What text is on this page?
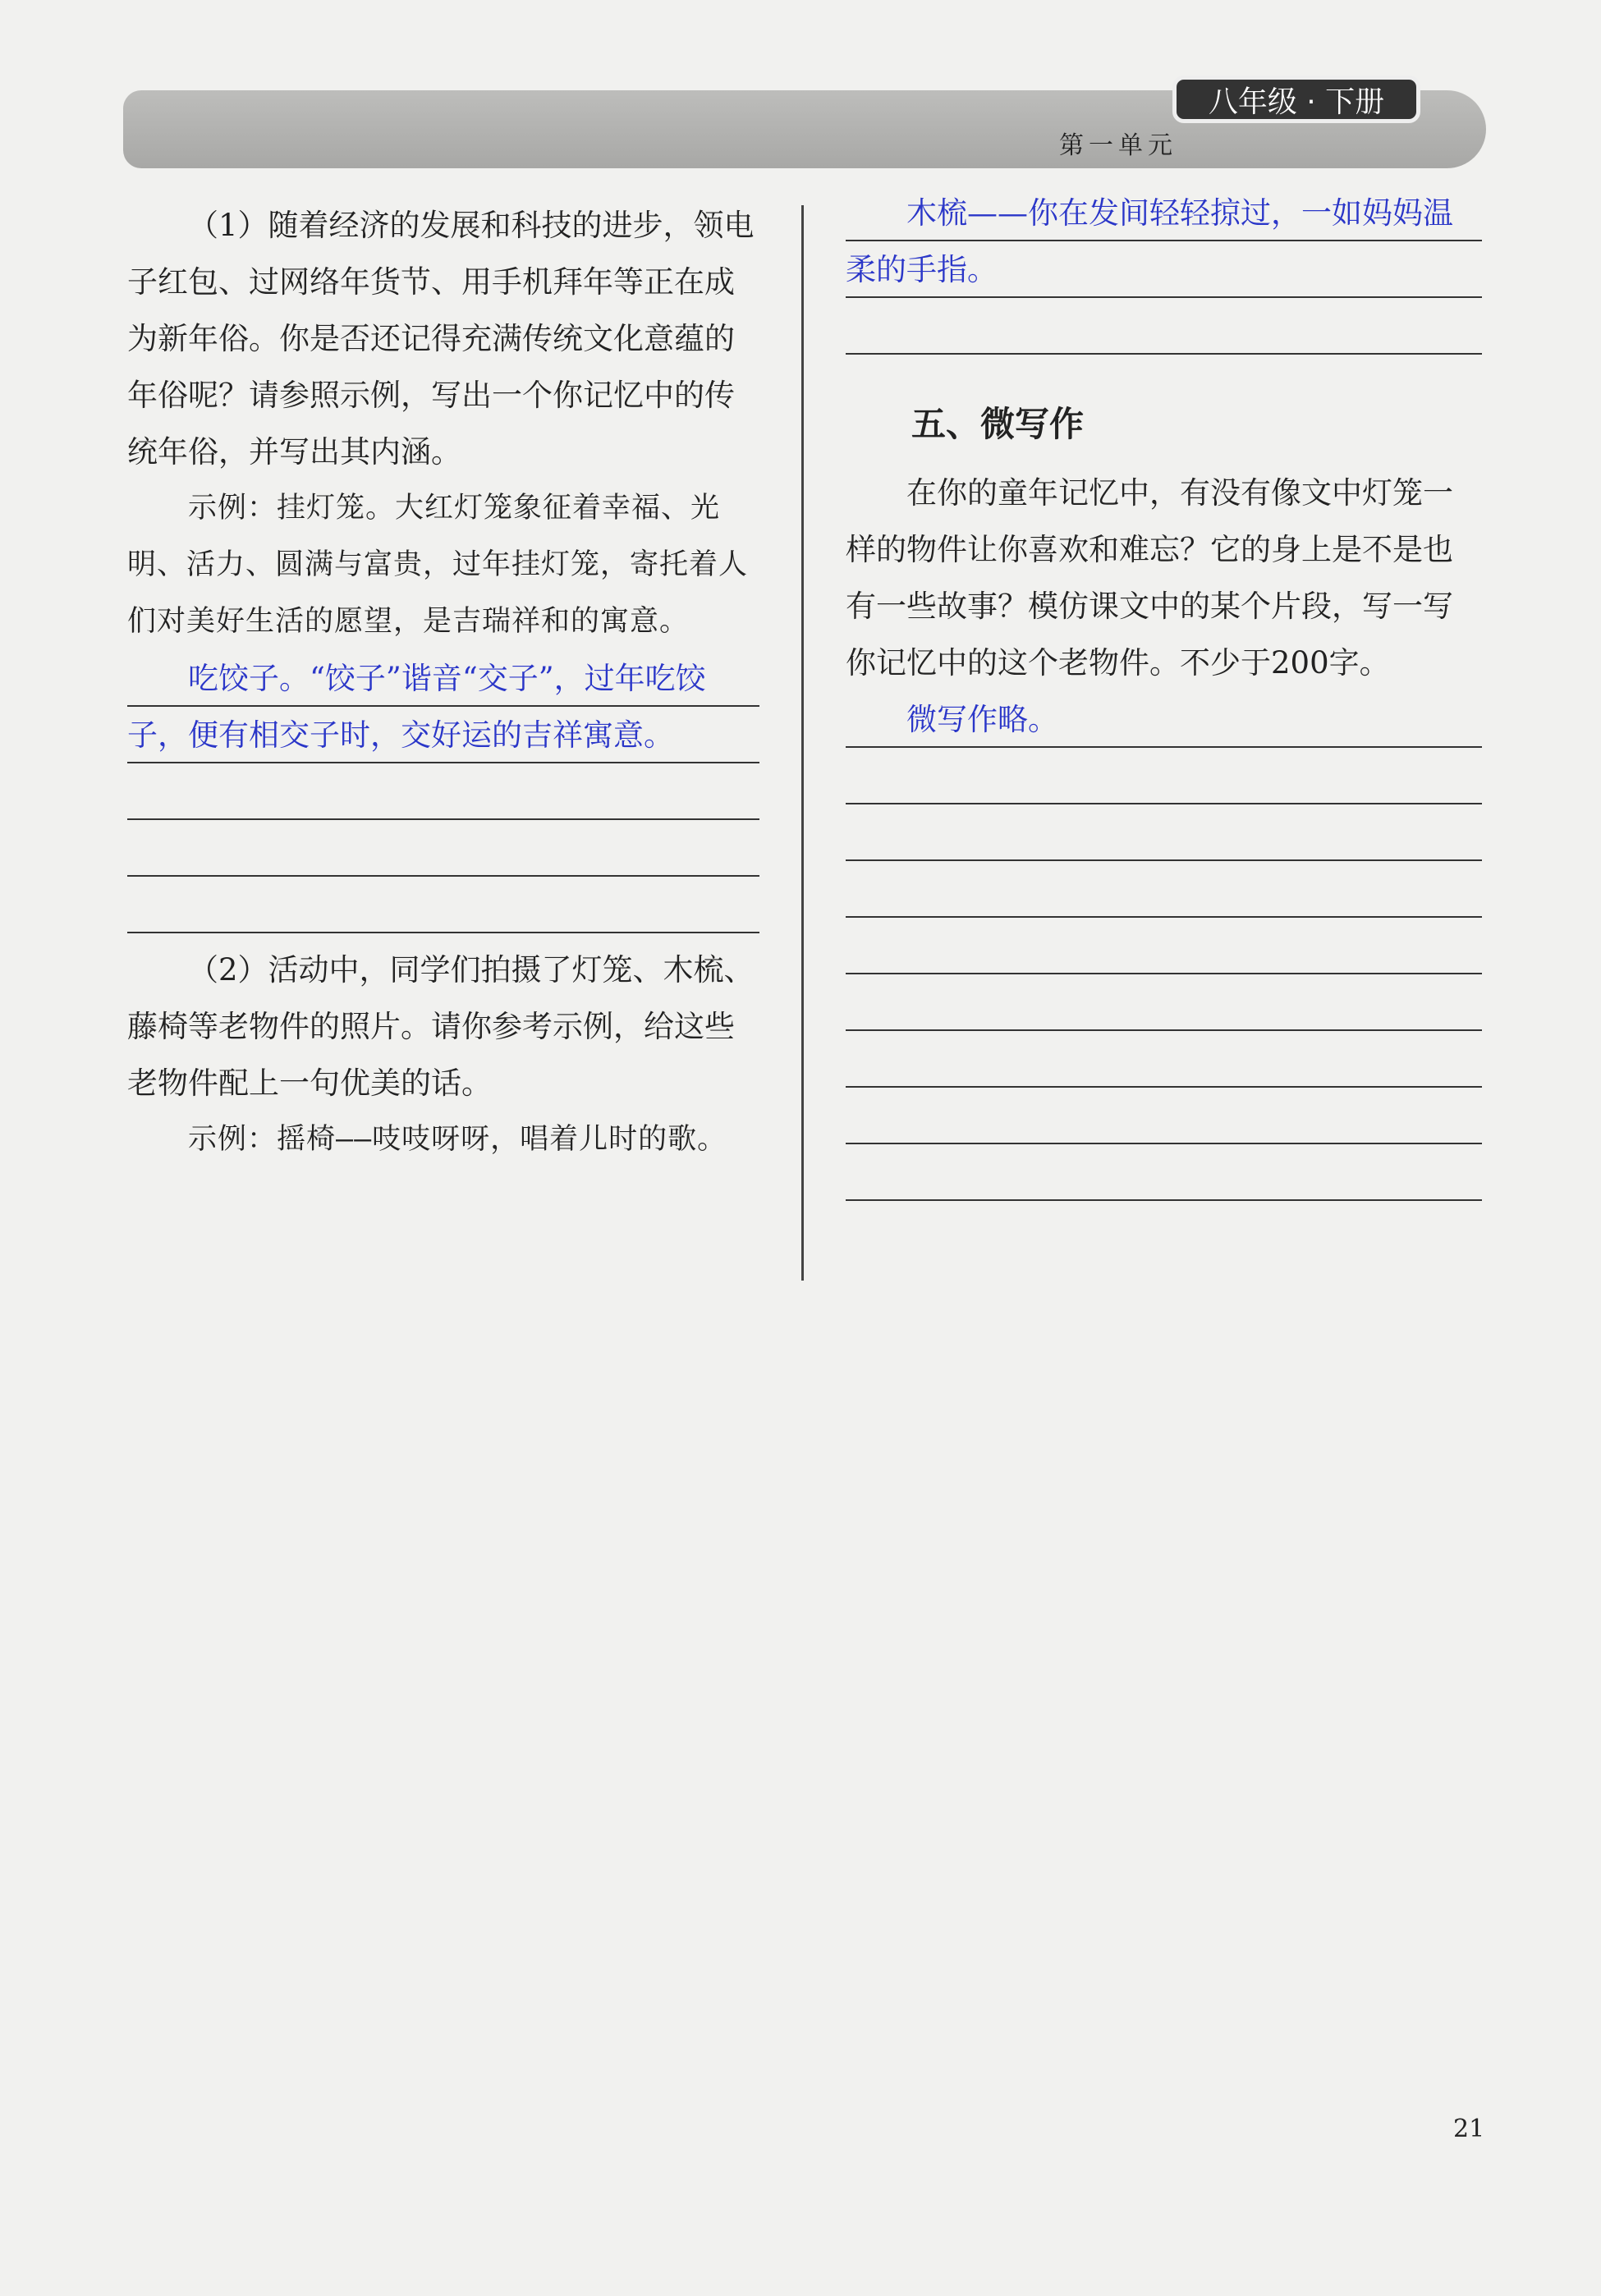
八年级 · 下册
第一单元

（1）随着经济的发展和科技的进步，领电子红包、过网络年货节、用手机拜年等正在成为新年俗。你是否还记得充满传统文化意蕴的年俗呢？请参照示例，写出一个你记忆中的传统年俗，并写出其内涵。

示例：挂灯笼。大红灯笼象征着幸福、光明、活力、圆满与富贵，过年挂灯笼，寄托着人们对美好生活的愿望，是吉瑞祥和的寓意。

吃饺子。“饺子”谐音“交子”，过年吃饺子，便有相交子时，交好运的吉祥寓意。

（2）活动中，同学们拍摄了灯笼、木梳、藤椅等老物件的照片。请你参考示例，给这些老物件配上一句优美的话。

示例：摇椅——吱吱呀呀，唱着儿时的歌。

木梳——你在发间轻轻掠过，一如妈妈温柔的手指。

五、微写作

在你的童年记忆中，有没有像文中灯笼一样的物件让你喜欢和难忘？它的身上是不是也有一些故事？模仿课文中的某个片段，写一写你记忆中的这个老物件。不少于200字。

微写作略。

21
